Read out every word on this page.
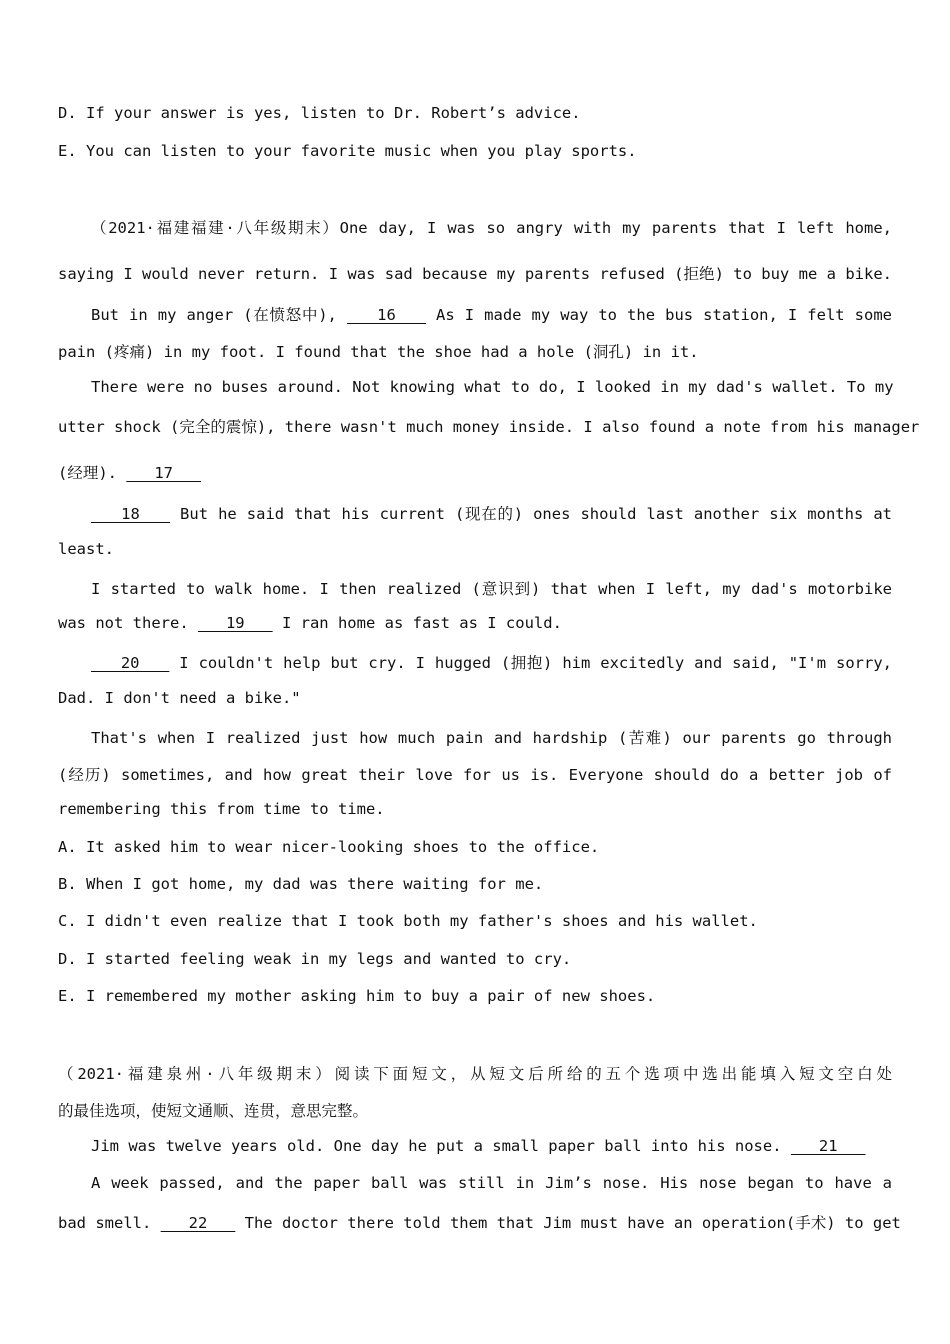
D. If your answer is yes, listen to Dr. Robert’s advice.
E. You can listen to your favorite music when you play sports.
（2021·福建福建·八年级期末）One day, I was so angry with my parents that I left home,
saying I would never return. I was sad because my parents refused (拒绝) to buy me a bike.
But in my anger (在愤怒中),    16    As I made my way to the bus station, I felt some
pain (疼痛) in my foot. I found that the shoe had a hole (洞孔) in it.
There were no buses around. Not knowing what to do, I looked in my dad's wallet. To my
utter shock (完全的震惊), there wasn't much money inside. I also found a note from his manager
(经理).    17
18    But he said that his current (现在的) ones should last another six months at
least.
I started to walk home. I then realized (意识到) that when I left, my dad's motorbike
was not there.    19    I ran home as fast as I could.
20    I couldn't help but cry. I hugged (拥抱) him excitedly and said, "I'm sorry,
Dad. I don't need a bike."
That's when I realized just how much pain and hardship (苦难) our parents go through
(经历) sometimes, and how great their love for us is. Everyone should do a better job of
remembering this from time to time.
A. It asked him to wear nicer-looking shoes to the office.
B. When I got home, my dad was there waiting for me.
C. I didn't even realize that I took both my father's shoes and his wallet.
D. I started feeling weak in my legs and wanted to cry.
E. I remembered my mother asking him to buy a pair of new shoes.
（2021·福建泉州·八年级期末）阅读下面短文，从短文后所给的五个选项中选出能填入短文空白处
的最佳选项，使短文通顺、连贯，意思完整。
Jim was twelve years old. One day he put a small paper ball into his nose.    21
A week passed, and the paper ball was still in Jim’s nose. His nose began to have a
bad smell.    22    The doctor there told them that Jim must have an operation(手术) to get
